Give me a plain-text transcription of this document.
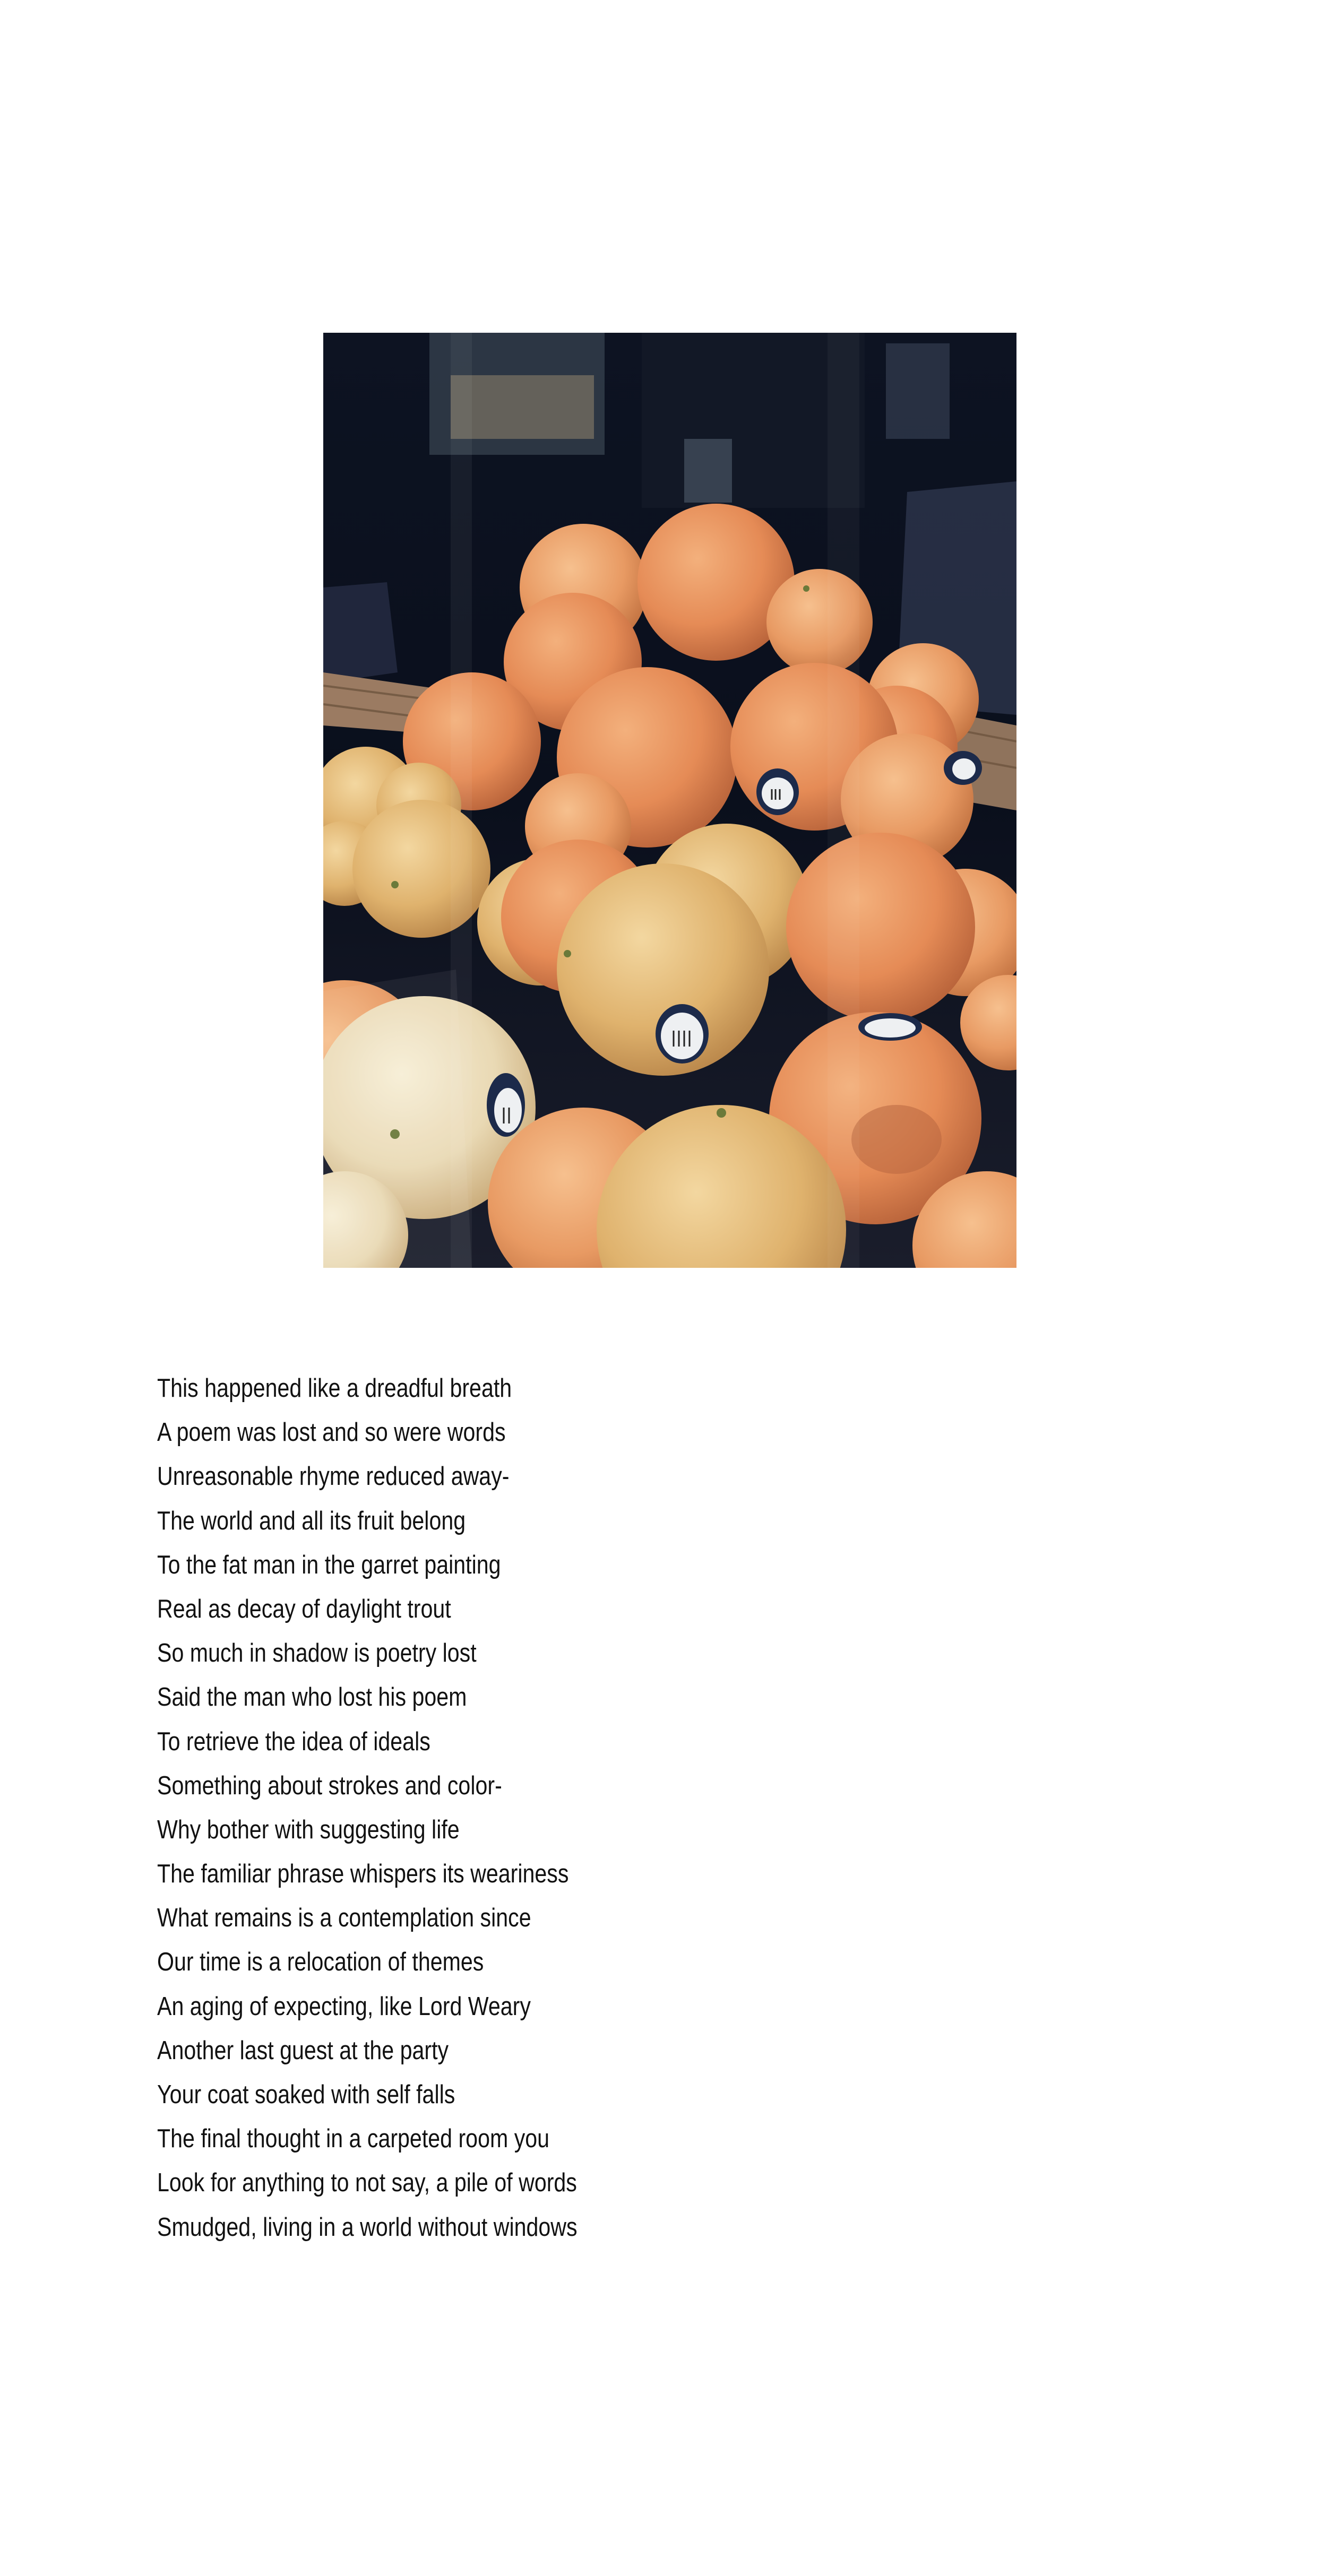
This happened like a dreadful breath
A poem was lost and so were words
Unreasonable rhyme reduced away-
The world and all its fruit belong
To the fat man in the garret painting
Real as decay of daylight trout
So much in shadow is poetry lost
Said the man who lost his poem
To retrieve the idea of ideals
Something about strokes and color-
Why bother with suggesting life
The familiar phrase whispers its weariness
What remains is a contemplation since
Our time is a relocation of themes
An aging of expecting, like Lord Weary
Another last guest at the party
Your coat soaked with self falls
The final thought in a carpeted room you
Look for anything to not say, a pile of words
Smudged, living in a world without windows
